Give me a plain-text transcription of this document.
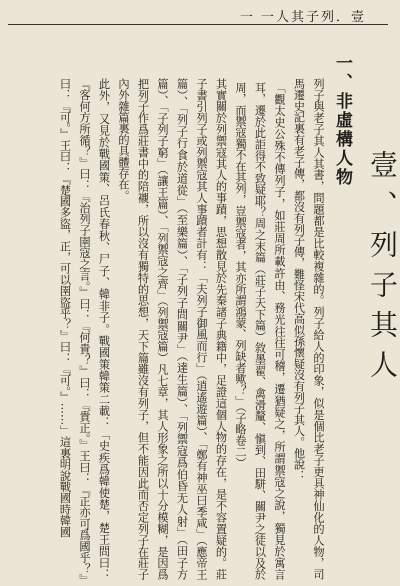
一 一人其子列．壹
壹、列子其人
一、非虛構人物

列子與老子其人其書，問題都是比較複雜的。列子給人的印象，似是個比老子更具神仙化的人物，司馬遷史記裏有老子傳，都沒有列子傳，難怪宋代高似孫懷疑沒有列子其人。他說：

「觀太史公殊不傳列子，如莊周所載許由、務光往往可稽，遷猶疑之，所謂禦寇之說，獨見於寓言耳，遷於此詎得不致疑耶？周之末篇（莊子天下篇）敘墨翟、禽滑釐、愼到、田駢、關尹之徒以及於周，而禦寇獨不在其列，豈禦寇者，其亦所謂鴻蒙、列缺者歟？」（子略卷二）

其實關於列禦寇其人的事蹟，思想散見於先秦諸子典籍中，足證這個人物的存在，是不容置疑的。莊子書引列子或列禦寇其人事蹟者計有：「夫列子御風而行」（逍遙遊篇）、「鄭有神巫曰季咸」（應帝王篇）、「列子行食於道從」（至樂篇）、「子列子問關尹」（達生篇）、「列禦寇爲伯昏无人射」（田子方篇）、「子列子窮」（讓王篇）、「列禦寇之齊」（列禦寇篇）凡七章，其人形象之所以十分模糊，是因爲把列子作爲莊書中的陪襯，所以沒有獨特的思想，天下篇雖沒有列子，但不能因此而否定列子在莊子內外雜篇裏的具體存在。

此外，又見於戰國策、呂氏春秋、尸子、韓非子。戰國策韓策二載：「史疾爲韓使楚，楚王問曰：『客何方所循？』曰：『治列子圉寇之言。』曰：『何貴？』曰：『貴正。』王曰：『正亦可爲國乎？』曰：『可。』王曰：『楚國多盜，正，可以圉盜乎？』曰：『可。』……」這裏明說戰國時韓國
